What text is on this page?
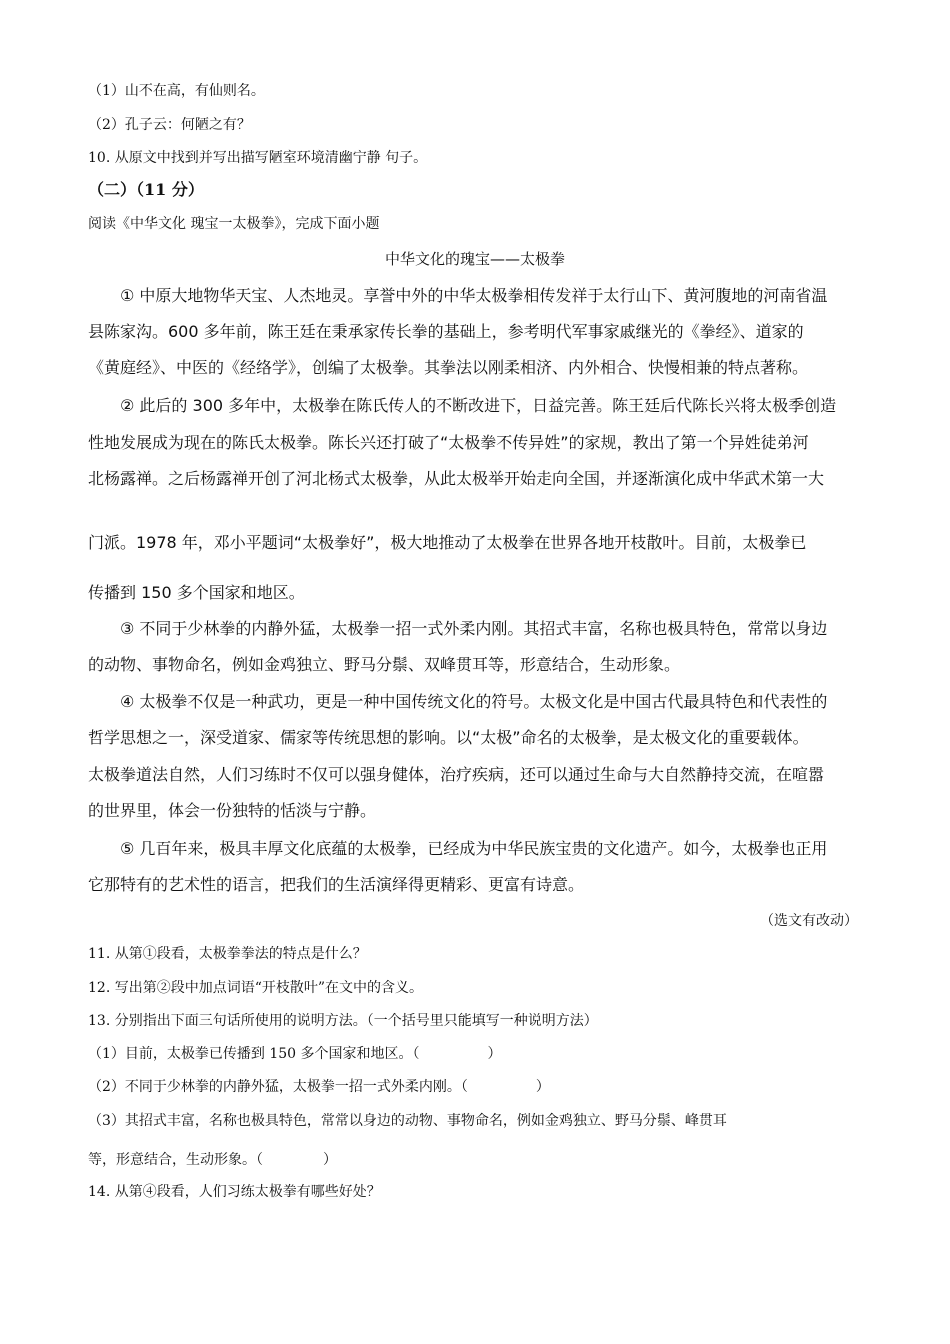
（1）山不在高，有仙则名。
（2）孔子云：何陋之有？
10. 从原文中找到并写出描写陋室环境清幽宁静 句子。
（二）（11 分）
阅读《中华文化 瑰宝一太极拳》，完成下面小题
中华文化的瑰宝——太极拳
① 中原大地物华天宝、人杰地灵。享誉中外的中华太极拳相传发祥于太行山下、黄河腹地的河南省温
县陈家沟。600 多年前，陈王廷在秉承家传长拳的基础上，参考明代军事家戚继光的《拳经》、道家的
《黄庭经》、中医的《经络学》，创编了太极拳。其拳法以刚柔相济、内外相合、快慢相兼的特点著称。
② 此后的 300 多年中，太极拳在陈氏传人的不断改进下，日益完善。陈王廷后代陈长兴将太极季创造
性地发展成为现在的陈氏太极拳。陈长兴还打破了“太极拳不传异姓”的家规，教出了第一个异姓徒弟河
北杨露禅。之后杨露禅开创了河北杨式太极拳，从此太极举开始走向全国，并逐渐演化成中华武术第一大
门派。1978 年，邓小平题词“太极拳好”，极大地推动了太极拳在世界各地开枝散叶。目前，太极拳已
传播到 150 多个国家和地区。
③ 不同于少林拳的内静外猛，太极拳一招一式外柔内刚。其招式丰富，名称也极具特色，常常以身边
的动物、事物命名，例如金鸡独立、野马分鬃、双峰贯耳等，形意结合，生动形象。
④ 太极拳不仅是一种武功，更是一种中国传统文化的符号。太极文化是中国古代最具特色和代表性的
哲学思想之一，深受道家、儒家等传统思想的影响。以“太极”命名的太极拳，是太极文化的重要载体。
太极拳道法自然，人们习练时不仅可以强身健体，治疗疾病，还可以通过生命与大自然静持交流，在喧嚣
的世界里，体会一份独特的恬淡与宁静。
⑤ 几百年来，极具丰厚文化底蕴的太极拳，已经成为中华民族宝贵的文化遗产。如今，太极拳也正用
它那特有的艺术性的语言，把我们的生活演绎得更精彩、更富有诗意。
（选文有改动）
11. 从第①段看，太极拳拳法的特点是什么？
12. 写出第②段中加点词语“开枝散叶”在文中的含义。
13. 分别指出下面三句话所使用的说明方法。（一个括号里只能填写一种说明方法）
（1）目前，太极拳已传播到 150 多个国家和地区。（	）
（2）不同于少林拳的内静外猛，太极拳一招一式外柔内刚。（	）
（3）其招式丰富，名称也极具特色，常常以身边的动物、事物命名，例如金鸡独立、野马分鬃、峰贯耳
等，形意结合，生动形象。（	）
14. 从第④段看，人们习练太极拳有哪些好处？
